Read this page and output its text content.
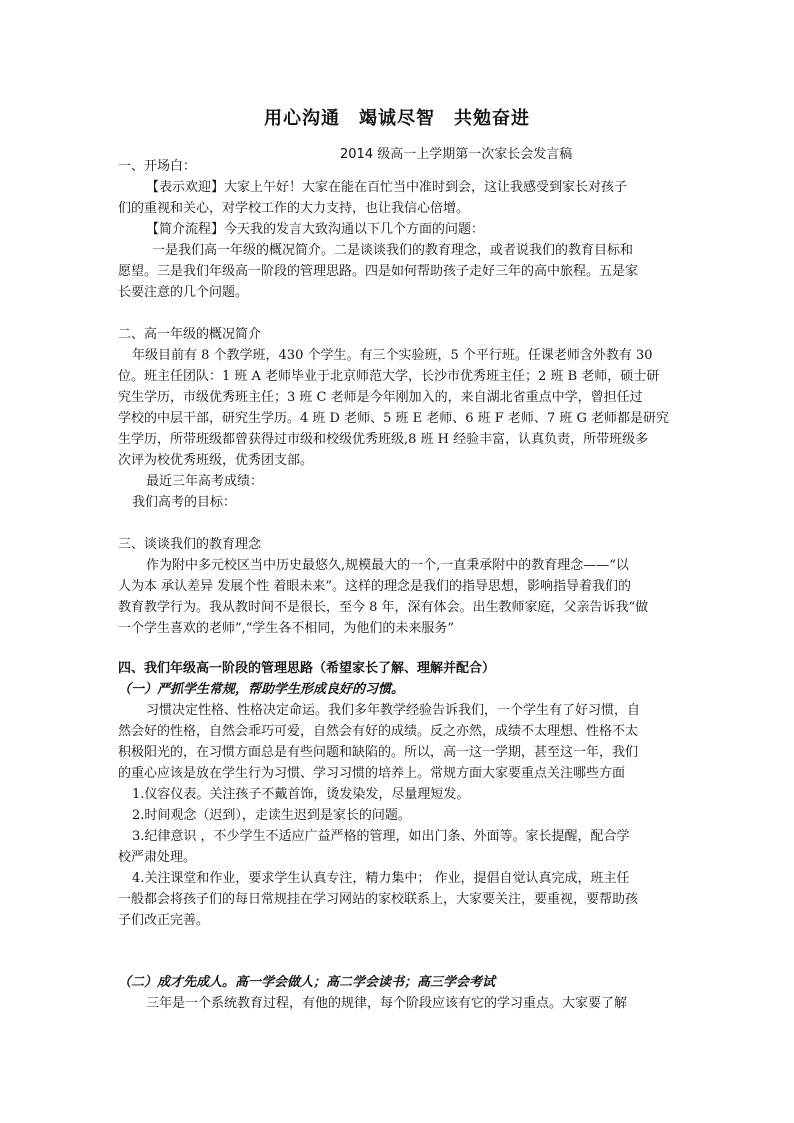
用心沟通　竭诚尽智　共勉奋进
2014 级高一上学期第一次家长会发言稿
一、开场白：
【表示欢迎】大家上午好！大家在能在百忙当中准时到会，这让我感受到家长对孩子
们的重视和关心，对学校工作的大力支持，也让我信心倍增。
【简介流程】今天我的发言大致沟通以下几个方面的问题：
一是我们高一年级的概况简介。二是谈谈我们的教育理念，或者说我们的教育目标和
愿望。三是我们年级高一阶段的管理思路。四是如何帮助孩子走好三年的高中旅程。五是家
长要注意的几个问题。
二、高一年级的概况简介
年级目前有 8 个教学班，430 个学生。有三个实验班，5 个平行班。任课老师含外教有 30
位。班主任团队：1 班 A 老师毕业于北京师范大学，长沙市优秀班主任；2 班 B 老师，硕士研
究生学历，市级优秀班主任；3 班 C 老师是今年刚加入的，来自湖北省重点中学，曾担任过
学校的中层干部，研究生学历。4 班 D 老师、5 班 E 老师、6 班 F 老师、7 班 G 老师都是研究
生学历，所带班级都曾获得过市级和校级优秀班级,8 班 H 经验丰富，认真负责，所带班级多
次评为校优秀班级，优秀团支部。
最近三年高考成绩：
我们高考的目标：
三、谈谈我们的教育理念
作为附中多元校区当中历史最悠久,规模最大的一个,一直秉承附中的教育理念——“以
人为本 承认差异 发展个性 着眼未来”。这样的理念是我们的指导思想，影响指导着我们的
教育教学行为。我从教时间不是很长，至今 8 年，深有体会。出生教师家庭，父亲告诉我“做
一个学生喜欢的老师”,“学生各不相同，为他们的未来服务”
四、我们年级高一阶段的管理思路（希望家长了解、理解并配合）
（一）严抓学生常规，帮助学生形成良好的习惯。
习惯决定性格、性格决定命运。我们多年教学经验告诉我们，一个学生有了好习惯，自
然会好的性格，自然会乖巧可爱，自然会有好的成绩。反之亦然，成绩不太理想、性格不太
积极阳光的，在习惯方面总是有些问题和缺陷的。所以，高一这一学期，甚至这一年，我们
的重心应该是放在学生行为习惯、学习习惯的培养上。常规方面大家要重点关注哪些方面
1.仪容仪表。关注孩子不戴首饰，烫发染发，尽量理短发。
2.时间观念（迟到），走读生迟到是家长的问题。
3.纪律意识 ，不少学生不适应广益严格的管理，如出门条、外面等。家长提醒，配合学
校严肃处理。
4.关注课堂和作业，要求学生认真专注，精力集中； 作业，提倡自觉认真完成，班主任
一般都会将孩子们的每日常规挂在学习网站的家校联系上，大家要关注，要重视，要帮助孩
子们改正完善。
（二）成才先成人。高一学会做人；高二学会读书；高三学会考试
三年是一个系统教育过程，有他的规律，每个阶段应该有它的学习重点。大家要了解
